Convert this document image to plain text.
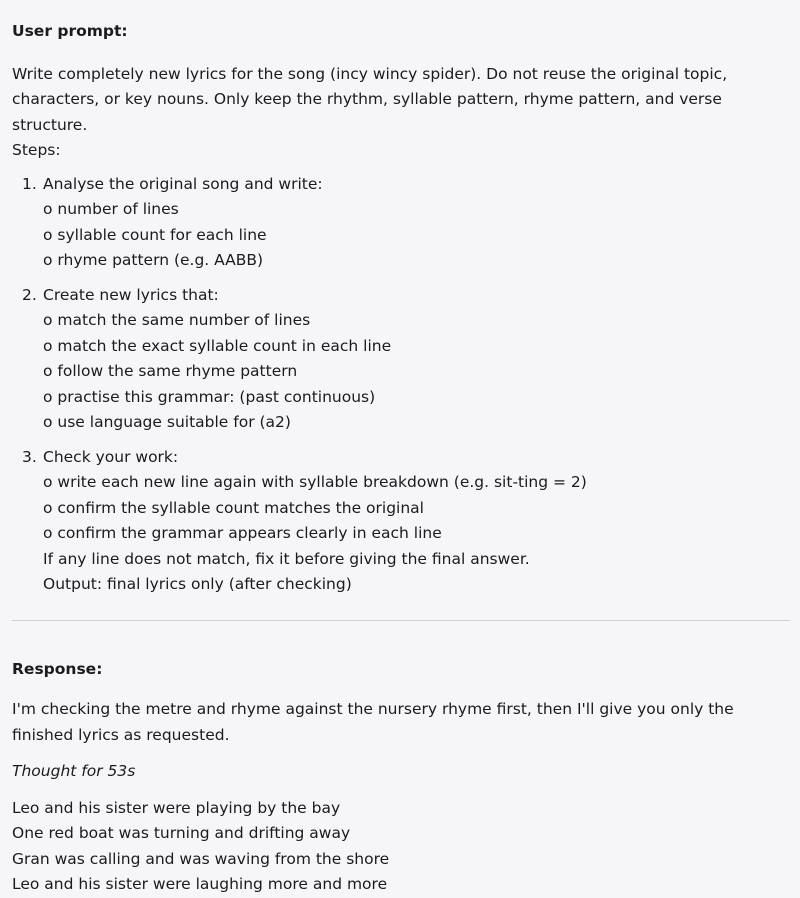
User prompt:

Write completely new lyrics for the song (incy wincy spider). Do not reuse the original topic, characters, or key nouns. Only keep the rhythm, syllable pattern, rhyme pattern, and verse structure.

Steps:

1. Analyse the original song and write:
o number of lines
o syllable count for each line
o rhyme pattern (e.g. AABB)
2. Create new lyrics that:
o match the same number of lines
o match the exact syllable count in each line
o follow the same rhyme pattern
o practise this grammar: (past continuous)
o use language suitable for (a2)
3. Check your work:
o write each new line again with syllable breakdown (e.g. sit-ting = 2)
o confirm the syllable count matches the original
o confirm the grammar appears clearly in each line
If any line does not match, fix it before giving the final answer.
Output: final lyrics only (after checking)

Response:

I'm checking the metre and rhyme against the nursery rhyme first, then I'll give you only the finished lyrics as requested.

Thought for 53s

Leo and his sister were playing by the bay
One red boat was turning and drifting away
Gran was calling and was waving from the shore
Leo and his sister were laughing more and more
